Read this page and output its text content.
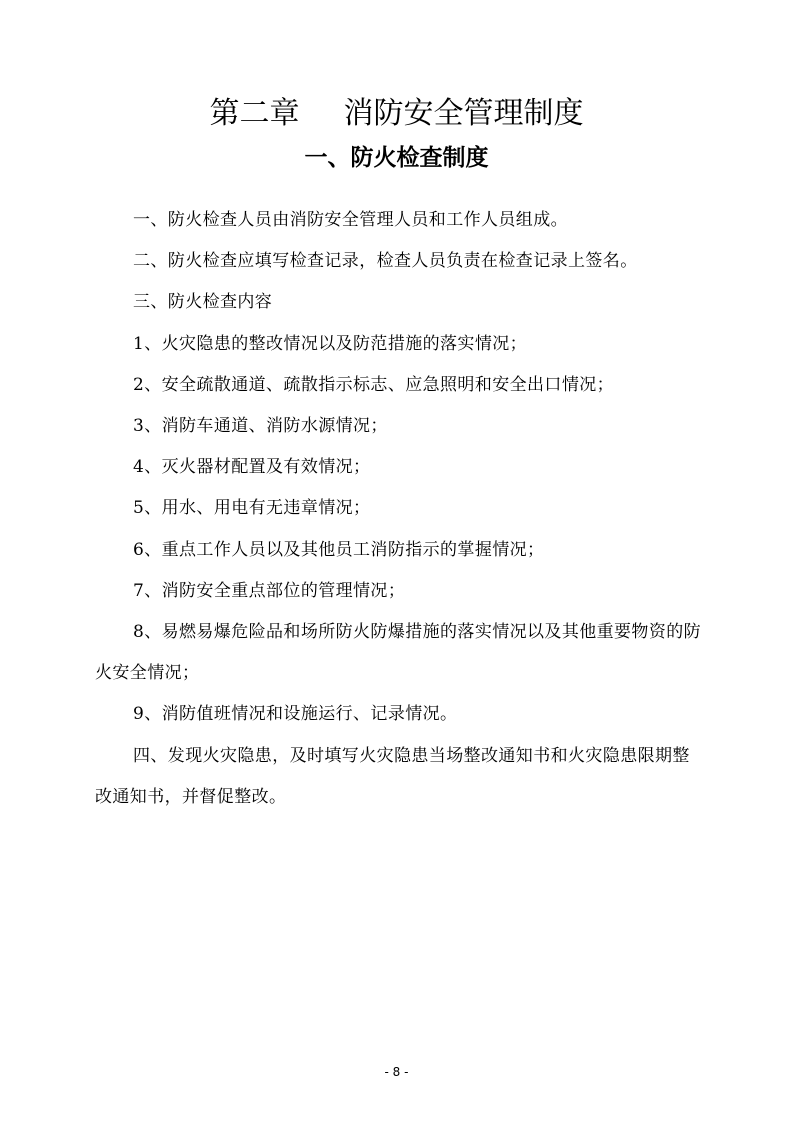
第二章 消防安全管理制度
一、防火检查制度

一、防火检查人员由消防安全管理人员和工作人员组成。

二、防火检查应填写检查记录，检查人员负责在检查记录上签名。

三、防火检查内容

1、火灾隐患的整改情况以及防范措施的落实情况；

2、安全疏散通道、疏散指示标志、应急照明和安全出口情况；

3、消防车通道、消防水源情况；

4、灭火器材配置及有效情况；

5、用水、用电有无违章情况；

6、重点工作人员以及其他员工消防指示的掌握情况；

7、消防安全重点部位的管理情况；

8、易燃易爆危险品和场所防火防爆措施的落实情况以及其他重要物资的防火安全情况；

9、消防值班情况和设施运行、记录情况。

四、发现火灾隐患，及时填写火灾隐患当场整改通知书和火灾隐患限期整改通知书，并督促整改。

- 8 -
